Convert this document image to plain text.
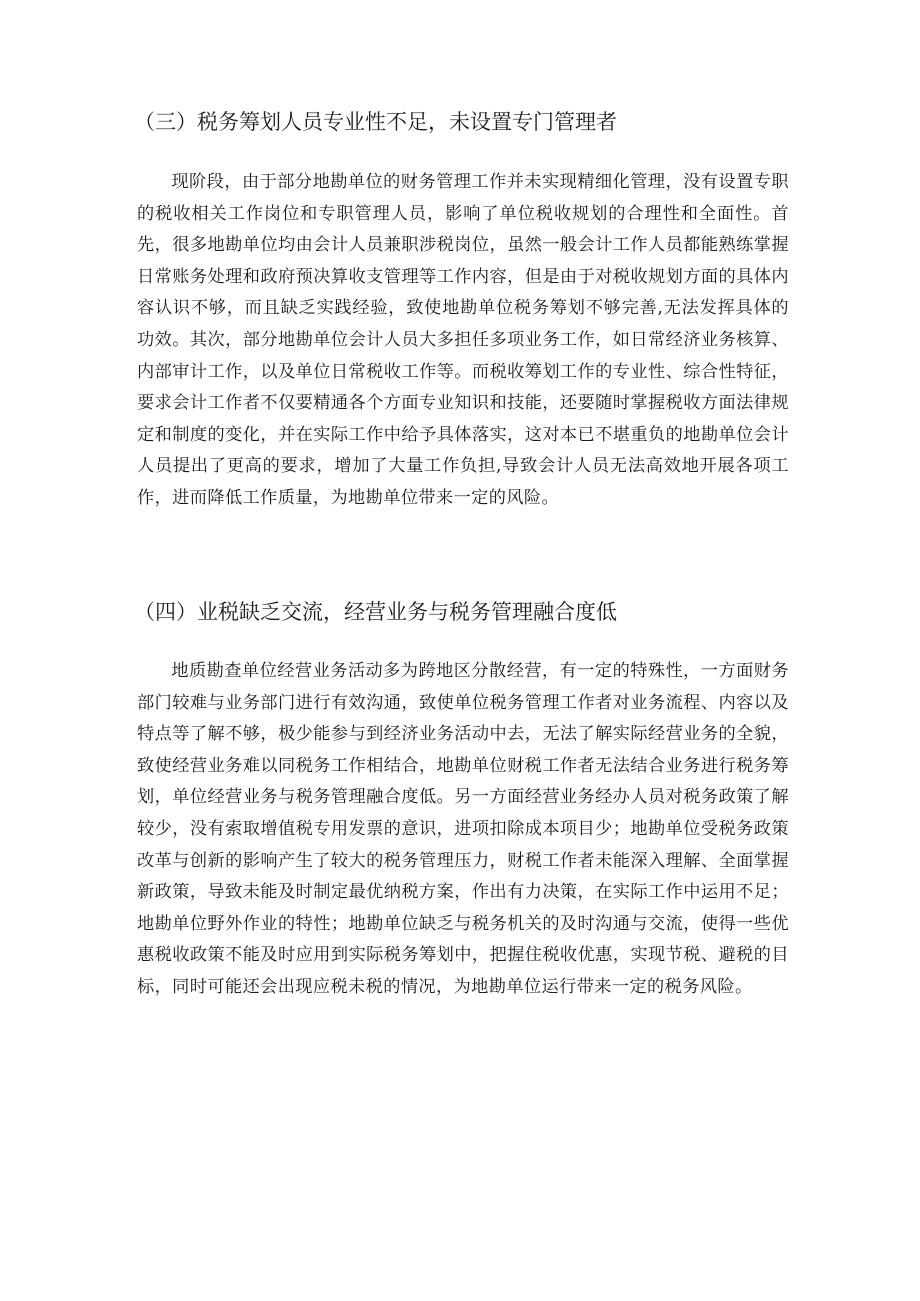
（三）税务筹划人员专业性不足，未设置专门管理者

现阶段，由于部分地勘单位的财务管理工作并未实现精细化管理，没有设置专职的税收相关工作岗位和专职管理人员，影响了单位税收规划的合理性和全面性。首先，很多地勘单位均由会计人员兼职涉税岗位，虽然一般会计工作人员都能熟练掌握日常账务处理和政府预决算收支管理等工作内容，但是由于对税收规划方面的具体内容认识不够，而且缺乏实践经验，致使地勘单位税务筹划不够完善,无法发挥具体的功效。其次，部分地勘单位会计人员大多担任多项业务工作，如日常经济业务核算、内部审计工作，以及单位日常税收工作等。而税收筹划工作的专业性、综合性特征，要求会计工作者不仅要精通各个方面专业知识和技能，还要随时掌握税收方面法律规定和制度的变化，并在实际工作中给予具体落实，这对本已不堪重负的地勘单位会计人员提出了更高的要求，增加了大量工作负担,导致会计人员无法高效地开展各项工作，进而降低工作质量，为地勘单位带来一定的风险。

（四）业税缺乏交流，经营业务与税务管理融合度低

地质勘查单位经营业务活动多为跨地区分散经营，有一定的特殊性，一方面财务部门较难与业务部门进行有效沟通，致使单位税务管理工作者对业务流程、内容以及特点等了解不够，极少能参与到经济业务活动中去，无法了解实际经营业务的全貌，致使经营业务难以同税务工作相结合，地勘单位财税工作者无法结合业务进行税务筹划，单位经营业务与税务管理融合度低。另一方面经营业务经办人员对税务政策了解较少，没有索取增值税专用发票的意识，进项扣除成本项目少；地勘单位受税务政策改革与创新的影响产生了较大的税务管理压力，财税工作者未能深入理解、全面掌握新政策，导致未能及时制定最优纳税方案，作出有力决策，在实际工作中运用不足；地勘单位野外作业的特性；地勘单位缺乏与税务机关的及时沟通与交流，使得一些优惠税收政策不能及时应用到实际税务筹划中，把握住税收优惠，实现节税、避税的目标，同时可能还会出现应税未税的情况，为地勘单位运行带来一定的税务风险。
